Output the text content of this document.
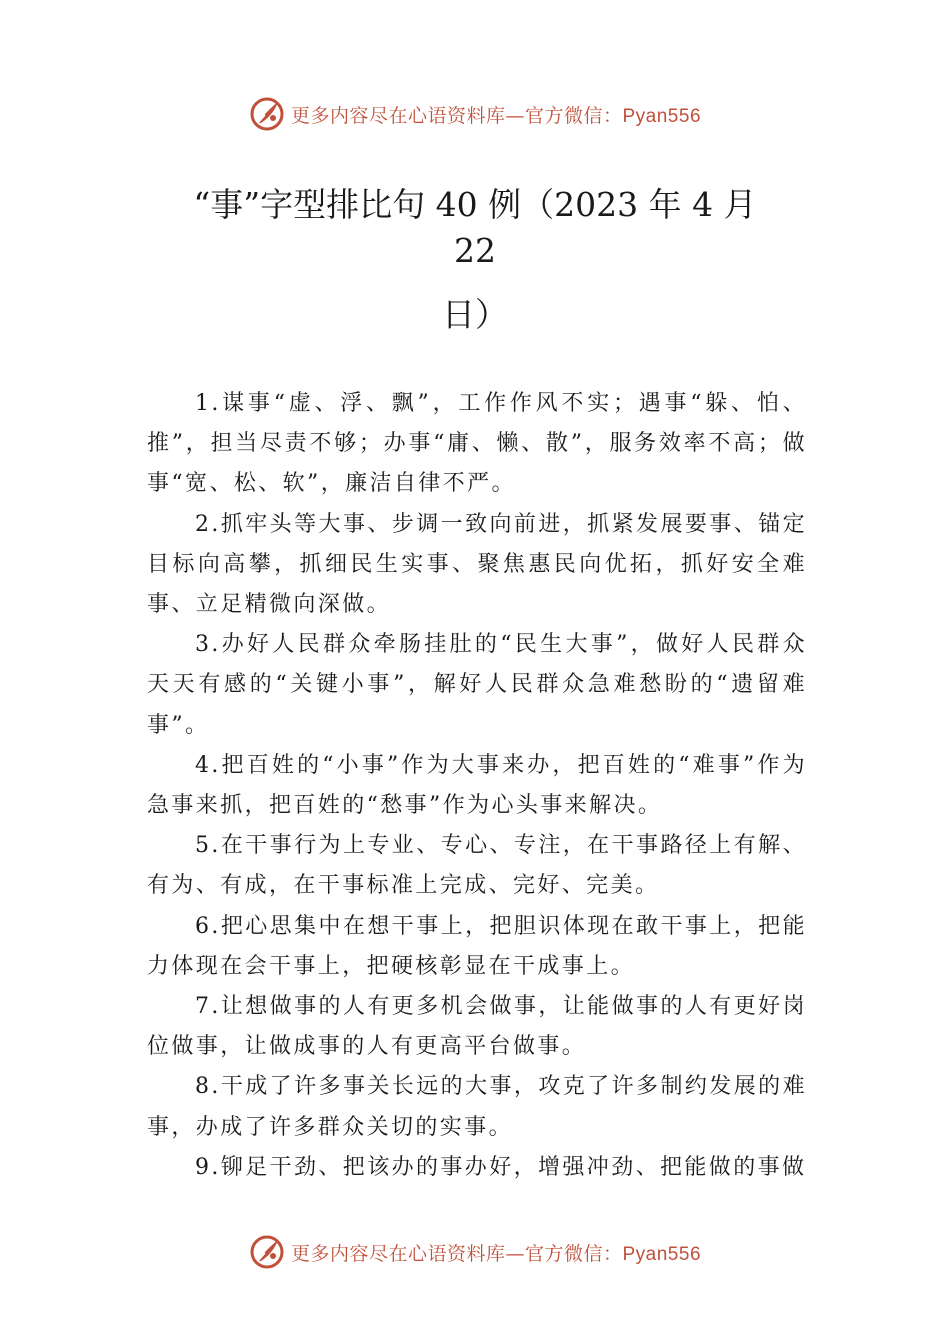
更多内容尽在心语资料库—官方微信：Pyan556
“事”字型排比句 40 例（2023 年 4 月 22
日）

1.谋事“虚、浮、飘”，工作作风不实；遇事“躲、怕、推”，担当尽责不够；办事“庸、懒、散”，服务效率不高；做事“宽、松、软”，廉洁自律不严。

2.抓牢头等大事、步调一致向前进，抓紧发展要事、锚定目标向高攀，抓细民生实事、聚焦惠民向优拓，抓好安全难事、立足精微向深做。

3.办好人民群众牵肠挂肚的“民生大事”，做好人民群众天天有感的“关键小事”，解好人民群众急难愁盼的“遗留难事”。

4.把百姓的“小事”作为大事来办，把百姓的“难事”作为急事来抓，把百姓的“愁事”作为心头事来解决。

5.在干事行为上专业、专心、专注，在干事路径上有解、有为、有成，在干事标准上完成、完好、完美。

6.把心思集中在想干事上，把胆识体现在敢干事上，把能力体现在会干事上，把硬核彰显在干成事上。

7.让想做事的人有更多机会做事，让能做事的人有更好岗位做事，让做成事的人有更高平台做事。

8.干成了许多事关长远的大事，攻克了许多制约发展的难事，办成了许多群众关切的实事。

9.铆足干劲、把该办的事办好，增强冲劲、把能做的事做

更多内容尽在心语资料库—官方微信：Pyan556
